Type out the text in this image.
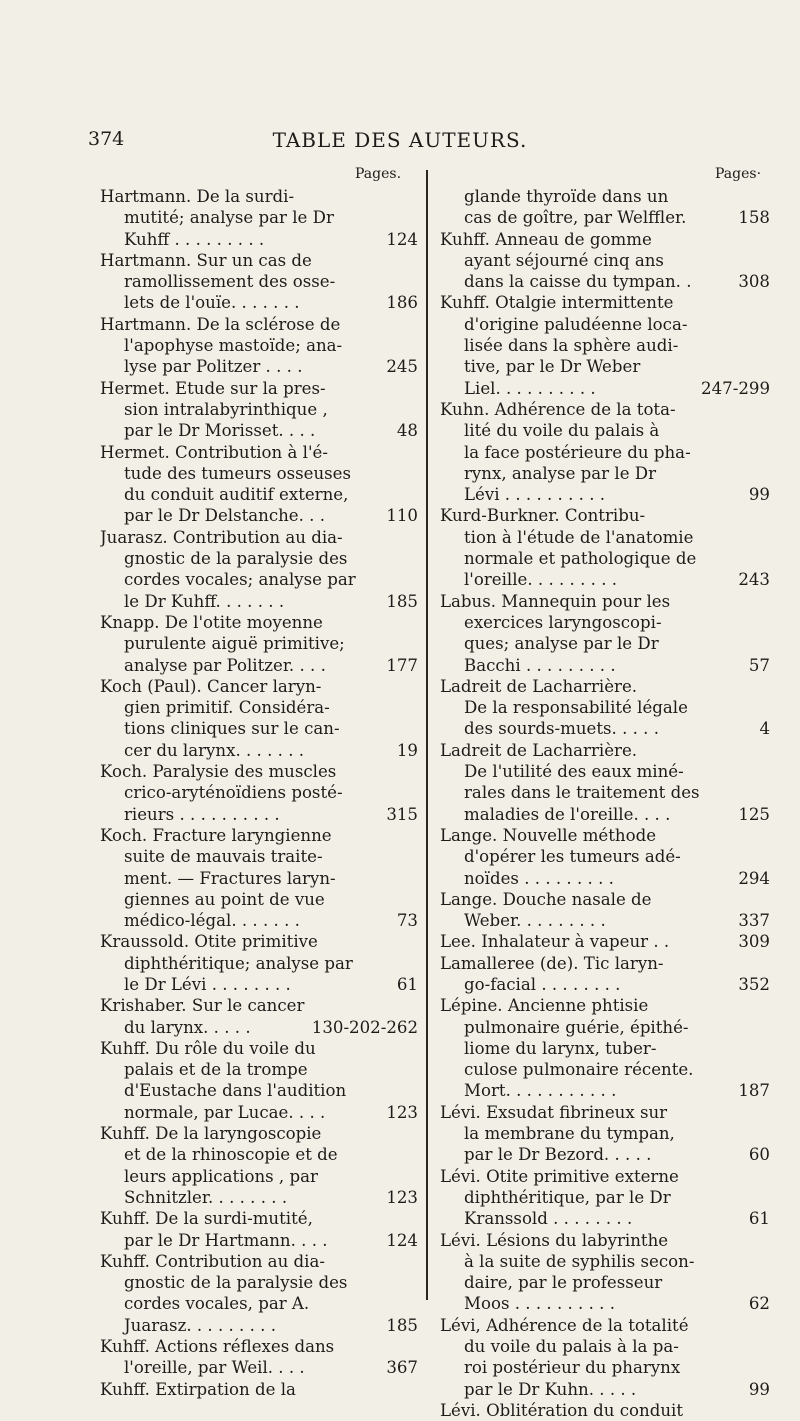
374	TABLE DES AUTEURS.
Pages.	Pages·
Hartmann. De la surdi-
mutité; analyse par le Dr
Kuhff . . . . . . . . .	124
Hartmann. Sur un cas de
ramollissement des osse-
lets de l'ouïe. . . . . . .	186
Hartmann. De la sclérose de
l'apophyse mastoïde; ana-
lyse par Politzer . . . .	245
Hermet. Etude sur la pres-
sion intralabyrinthique ,
par le Dr Morisset. . . .	48
Hermet. Contribution à l'é-
tude des tumeurs osseuses
du conduit auditif externe,
par le Dr Delstanche. . .	110
Juarasz. Contribution au dia-
gnostic de la paralysie des
cordes vocales; analyse par
le Dr Kuhff. . . . . . .	185
Knapp. De l'otite moyenne
purulente aiguë primitive;
analyse par Politzer. . . .	177
Koch (Paul). Cancer laryn-
gien primitif. Considéra-
tions cliniques sur le can-
cer du larynx. . . . . . .	19
Koch. Paralysie des muscles
crico-aryténoïdiens posté-
rieurs . . . . . . . . . .	315
Koch. Fracture laryngienne
suite de mauvais traite-
ment. — Fractures laryn-
giennes au point de vue
médico-légal. . . . . . .	73
Kraussold. Otite primitive
diphthéritique; analyse par
le Dr Lévi . . . . . . . .	61
Krishaber. Sur le cancer
du larynx. . . . .	130-202-262
Kuhff. Du rôle du voile du
palais et de la trompe
d'Eustache dans l'audition
normale, par Lucae. . . .	123
Kuhff. De la laryngoscopie
et de la rhinoscopie et de
leurs applications , par
Schnitzler. . . . . . . .	123
Kuhff. De la surdi-mutité,
par le Dr Hartmann. . . .	124
Kuhff. Contribution au dia-
gnostic de la paralysie des
cordes vocales, par A.
Juarasz. . . . . . . . .	185
Kuhff. Actions réflexes dans
l'oreille, par Weil. . . .	367
Kuhff. Extirpation de la
glande thyroïde dans un
cas de goître, par Welffler.	158
Kuhff. Anneau de gomme
ayant séjourné cinq ans
dans la caisse du tympan. .	308
Kuhff. Otalgie intermittente
d'origine paludéenne loca-
lisée dans la sphère audi-
tive, par le Dr Weber
Liel. . . . . . . . . .	247-299
Kuhn. Adhérence de la tota-
lité du voile du palais à
la face postérieure du pha-
rynx, analyse par le Dr
Lévi . . . . . . . . . .	99
Kurd-Burkner. Contribu-
tion à l'étude de l'anatomie
normale et pathologique de
l'oreille. . . . . . . . .	243
Labus. Mannequin pour les
exercices laryngoscopi-
ques; analyse par le Dr
Bacchi . . . . . . . . .	57
Ladreit de Lacharrière.
De la responsabilité légale
des sourds-muets. . . . .	4
Ladreit de Lacharrière.
De l'utilité des eaux miné-
rales dans le traitement des
maladies de l'oreille. . . .	125
Lange. Nouvelle méthode
d'opérer les tumeurs adé-
noïdes . . . . . . . . .	294
Lange. Douche nasale de
Weber. . . . . . . . .	337
Lee. Inhalateur à vapeur . .	309
Lamalleree (de). Tic laryn-
go-facial . . . . . . . .	352
Lépine. Ancienne phtisie
pulmonaire guérie, épithé-
liome du larynx, tuber-
culose pulmonaire récente.
Mort. . . . . . . . . . .	187
Lévi. Exsudat fibrineux sur
la membrane du tympan,
par le Dr Bezord. . . . .	60
Lévi. Otite primitive externe
diphthéritique, par le Dr
Kranssold . . . . . . . .	61
Lévi. Lésions du labyrinthe
à la suite de syphilis secon-
daire, par le professeur
Moos . . . . . . . . . .	62
Lévi, Adhérence de la totalité
du voile du palais à la pa-
roi postérieur du pharynx
par le Dr Kuhn. . . . .	99
Lévi. Oblitération du conduit
